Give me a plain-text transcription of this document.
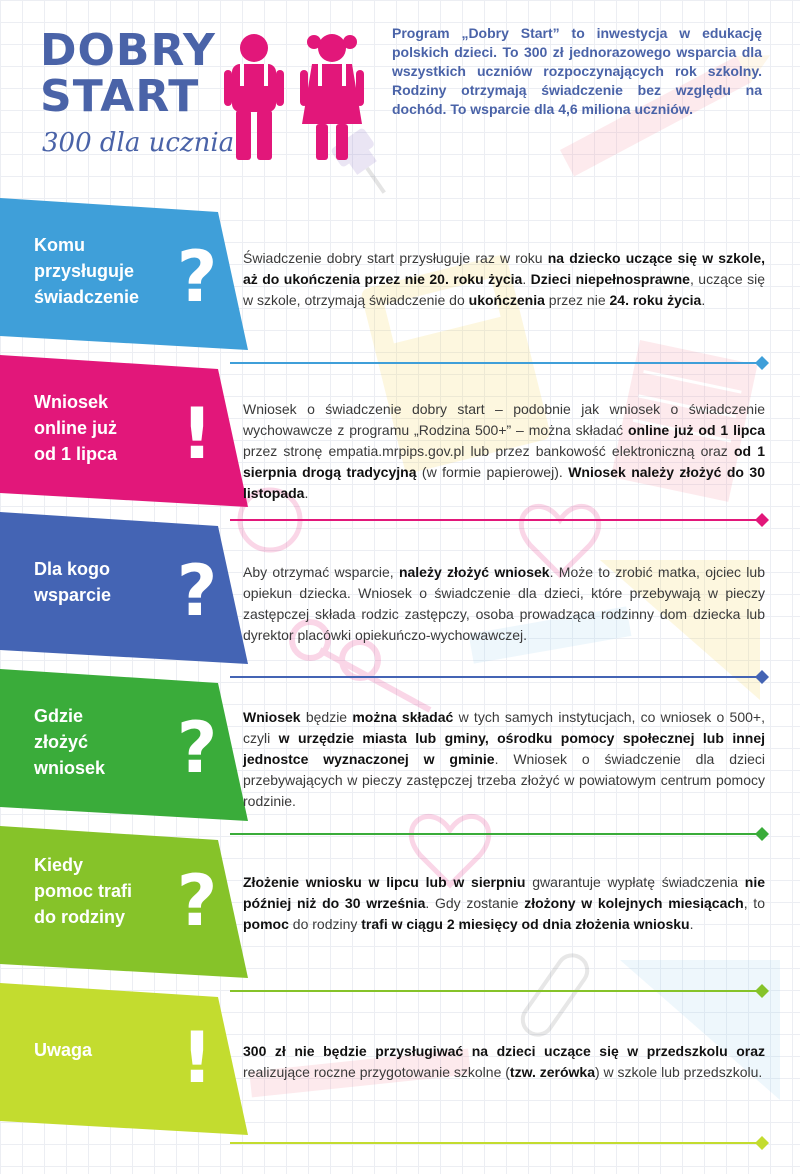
DOBRY
START
300 dla ucznia

Program „Dobry Start” to inwestycja w edukację polskich dzieci. To 300 zł jednorazowego wsparcia dla wszystkich uczniów rozpoczynających rok szkolny. Rodziny otrzymają świadczenie bez względu na dochód. To wsparcie dla 4,6 miliona uczniów.

Komu
przysługuje
świadczenie ?	Świadczenie dobry start przysługuje raz w roku na dziecko uczące się w szkole, aż do ukończenia przez nie 20. roku życia. Dzieci niepełnosprawne, uczące się w szkole, otrzymają świadczenie do ukończenia przez nie 24. roku życia.

Wniosek
online już
od 1 lipca !	Wniosek o świadczenie dobry start – podobnie jak wniosek o świadczenie wychowawcze z programu „Rodzina 500+” – można składać online już od 1 lipca przez stronę empatia.mrpips.gov.pl lub przez bankowość elektroniczną oraz od 1 sierpnia drogą tradycyjną (w formie papierowej). Wniosek należy złożyć do 30 listopada.

Dla kogo
wsparcie ?	Aby otrzymać wsparcie, należy złożyć wniosek. Może to zrobić matka, ojciec lub opiekun dziecka. Wniosek o świadczenie dla dzieci, które przebywają w pieczy zastępczej składa rodzic zastępczy, osoba prowadząca rodzinny dom dziecka lub dyrektor placówki opiekuńczo-wychowawczej.

Gdzie
złożyć
wniosek	?	Wniosek będzie można składać w tych samych instytucjach, co wniosek o 500+, czyli w urzędzie miasta lub gminy, ośrodku pomocy społecznej lub innej jednostce wyznaczonej w gminie. Wniosek o świadczenie dla dzieci przebywających w pieczy zastępczej trzeba złożyć w powiatowym centrum pomocy rodzinie.

Kiedy
pomoc trafi
do rodziny ?	Złożenie wniosku w lipcu lub w sierpniu gwarantuje wypłatę świadczenia nie później niż do 30 września. Gdy zostanie złożony w kolejnych miesiącach, to pomoc do rodziny trafi w ciągu 2 miesięcy od dnia złożenia wniosku.

Uwaga	!	300 zł nie będzie przysługiwać na dzieci uczące się w przedszkolu oraz realizujące roczne przygotowanie szkolne (tzw. zerówka) w szkole lub przedszkolu.
